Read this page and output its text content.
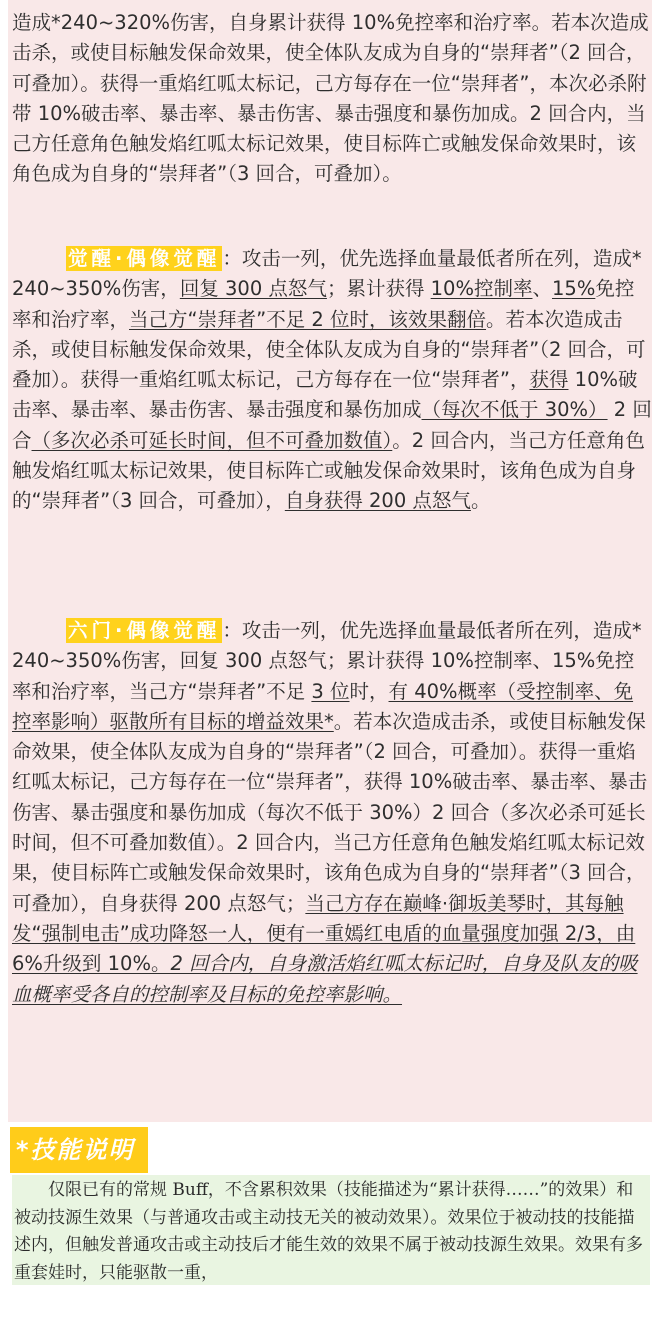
造成*240~320%伤害，自身累计获得 10%免控率和治疗率。若本次造成击杀，或使目标触发保命效果，使全体队友成为自身的“崇拜者”（2 回合，可叠加）。获得一重焰红呱太标记，己方每存在一位“崇拜者”，本次必杀附带 10%破击率、暴击率、暴击伤害、暴击强度和暴伤加成。2 回合内，当己方任意角色触发焰红呱太标记效果，使目标阵亡或触发保命效果时，该角色成为自身的“崇拜者”（3 回合，可叠加）。
觉醒·偶像觉醒 ：攻击一列，优先选择血量最低者所在列，造成*240~350%伤害，回复 300 点怒气；累计获得 10%控制率、15%免控率和治疗率，当己方“崇拜者”不足 2 位时，该效果翻倍。若本次造成击杀，或使目标触发保命效果，使全体队友成为自身的“崇拜者”（2 回合，可叠加）。获得一重焰红呱太标记，己方每存在一位“崇拜者”，获得 10%破击率、暴击率、暴击伤害、暴击强度和暴伤加成（每次不低于 30%） 2 回合（多次必杀可延长时间，但不可叠加数值）。2 回合内，当己方任意角色触发焰红呱太标记效果，使目标阵亡或触发保命效果时，该角色成为自身的“崇拜者”（3 回合，可叠加），自身获得 200 点怒气。
六门·偶像觉醒 ：攻击一列，优先选择血量最低者所在列，造成*240~350%伤害，回复 300 点怒气；累计获得 10%控制率、15%免控率和治疗率，当己方“崇拜者”不足 3 位时，有 40%概率（受控制率、免控率影响）驱散所有目标的增益效果*。若本次造成击杀，或使目标触发保命效果，使全体队友成为自身的“崇拜者”（2 回合，可叠加）。获得一重焰红呱太标记，己方每存在一位“崇拜者”，获得 10%破击率、暴击率、暴击伤害、暴击强度和暴伤加成（每次不低于 30%）2 回合（多次必杀可延长时间，但不可叠加数值）。2 回合内，当己方任意角色触发焰红呱太标记效果，使目标阵亡或触发保命效果时，该角色成为自身的“崇拜者”（3 回合，可叠加），自身获得 200 点怒气；当己方存在巅峰·御坂美琴时，其每触发“强制电击”成功降怒一人，便有一重嫣红电盾的血量强度加强 2/3，由 6%升级到 10%。2 回合内，自身激活焰红呱太标记时，自身及队友的吸血概率受各自的控制率及目标的免控率影响。
*技能说明
　　仅限已有的常规 Buff，不含累积效果（技能描述为“累计获得……”的效果）和被动技源生效果（与普通攻击或主动技无关的被动效果）。效果位于被动技的技能描述内，但触发普通攻击或主动技后才能生效的效果不属于被动技源生效果。效果有多重套娃时，只能驱散一重，
